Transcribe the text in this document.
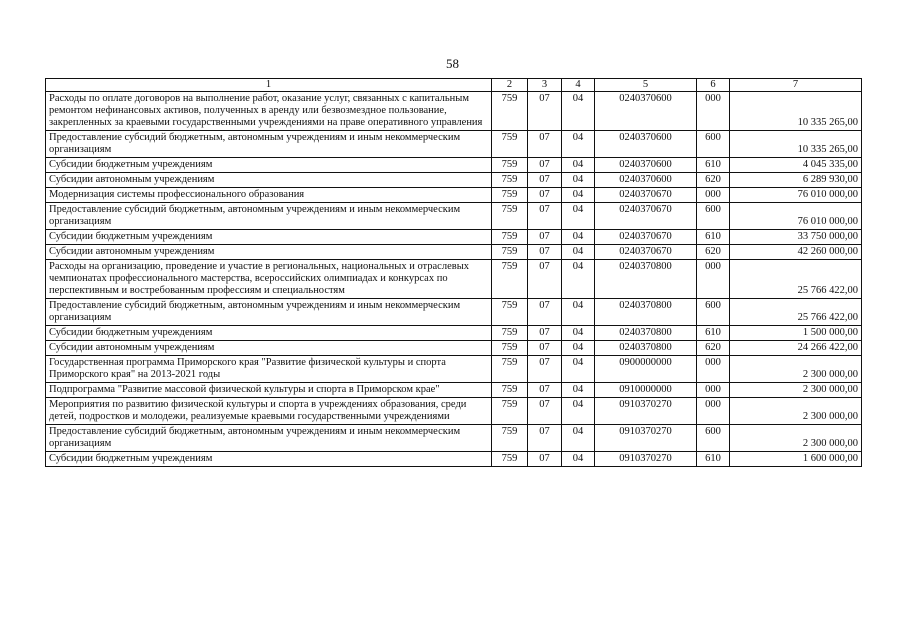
58
1	2	3	4	5	6	7
Расходы по оплате договоров на выполнение работ, оказание услуг, связанных с капитальным ремонтом нефинансовых активов, полученных в аренду или безвозмездное пользование, закрепленных за краевыми государственными учреждениями на праве оперативного управления	759	07	04	0240370600	000	10 335 265,00
Предоставление субсидий бюджетным, автономным учреждениям и иным некоммерческим организациям	759	07	04	0240370600	600	10 335 265,00
Субсидии бюджетным учреждениям	759	07	04	0240370600	610	4 045 335,00
Субсидии автономным учреждениям	759	07	04	0240370600	620	6 289 930,00
Модернизация системы профессионального образования	759	07	04	0240370670	000	76 010 000,00
Предоставление субсидий бюджетным, автономным учреждениям и иным некоммерческим организациям	759	07	04	0240370670	600	76 010 000,00
Субсидии бюджетным учреждениям	759	07	04	0240370670	610	33 750 000,00
Субсидии автономным учреждениям	759	07	04	0240370670	620	42 260 000,00
Расходы на организацию, проведение и участие в региональных, национальных и отраслевых чемпионатах профессионального мастерства, всероссийских олимпиадах и конкурсах по перспективным и востребованным профессиям и специальностям	759	07	04	0240370800	000	25 766 422,00
Предоставление субсидий бюджетным, автономным учреждениям и иным некоммерческим организациям	759	07	04	0240370800	600	25 766 422,00
Субсидии бюджетным учреждениям	759	07	04	0240370800	610	1 500 000,00
Субсидии автономным учреждениям	759	07	04	0240370800	620	24 266 422,00
Государственная программа Приморского края "Развитие физической культуры и спорта Приморского края" на 2013-2021 годы	759	07	04	0900000000	000	2 300 000,00
Подпрограмма "Развитие массовой физической культуры и спорта в Приморском крае"	759	07	04	0910000000	000	2 300 000,00
Мероприятия по развитию физической культуры и спорта в учреждениях образования, среди детей, подростков и молодежи, реализуемые краевыми государственными учреждениями	759	07	04	0910370270	000	2 300 000,00
Предоставление субсидий бюджетным, автономным учреждениям и иным некоммерческим организациям	759	07	04	0910370270	600	2 300 000,00
Субсидии бюджетным учреждениям	759	07	04	0910370270	610	1 600 000,00
